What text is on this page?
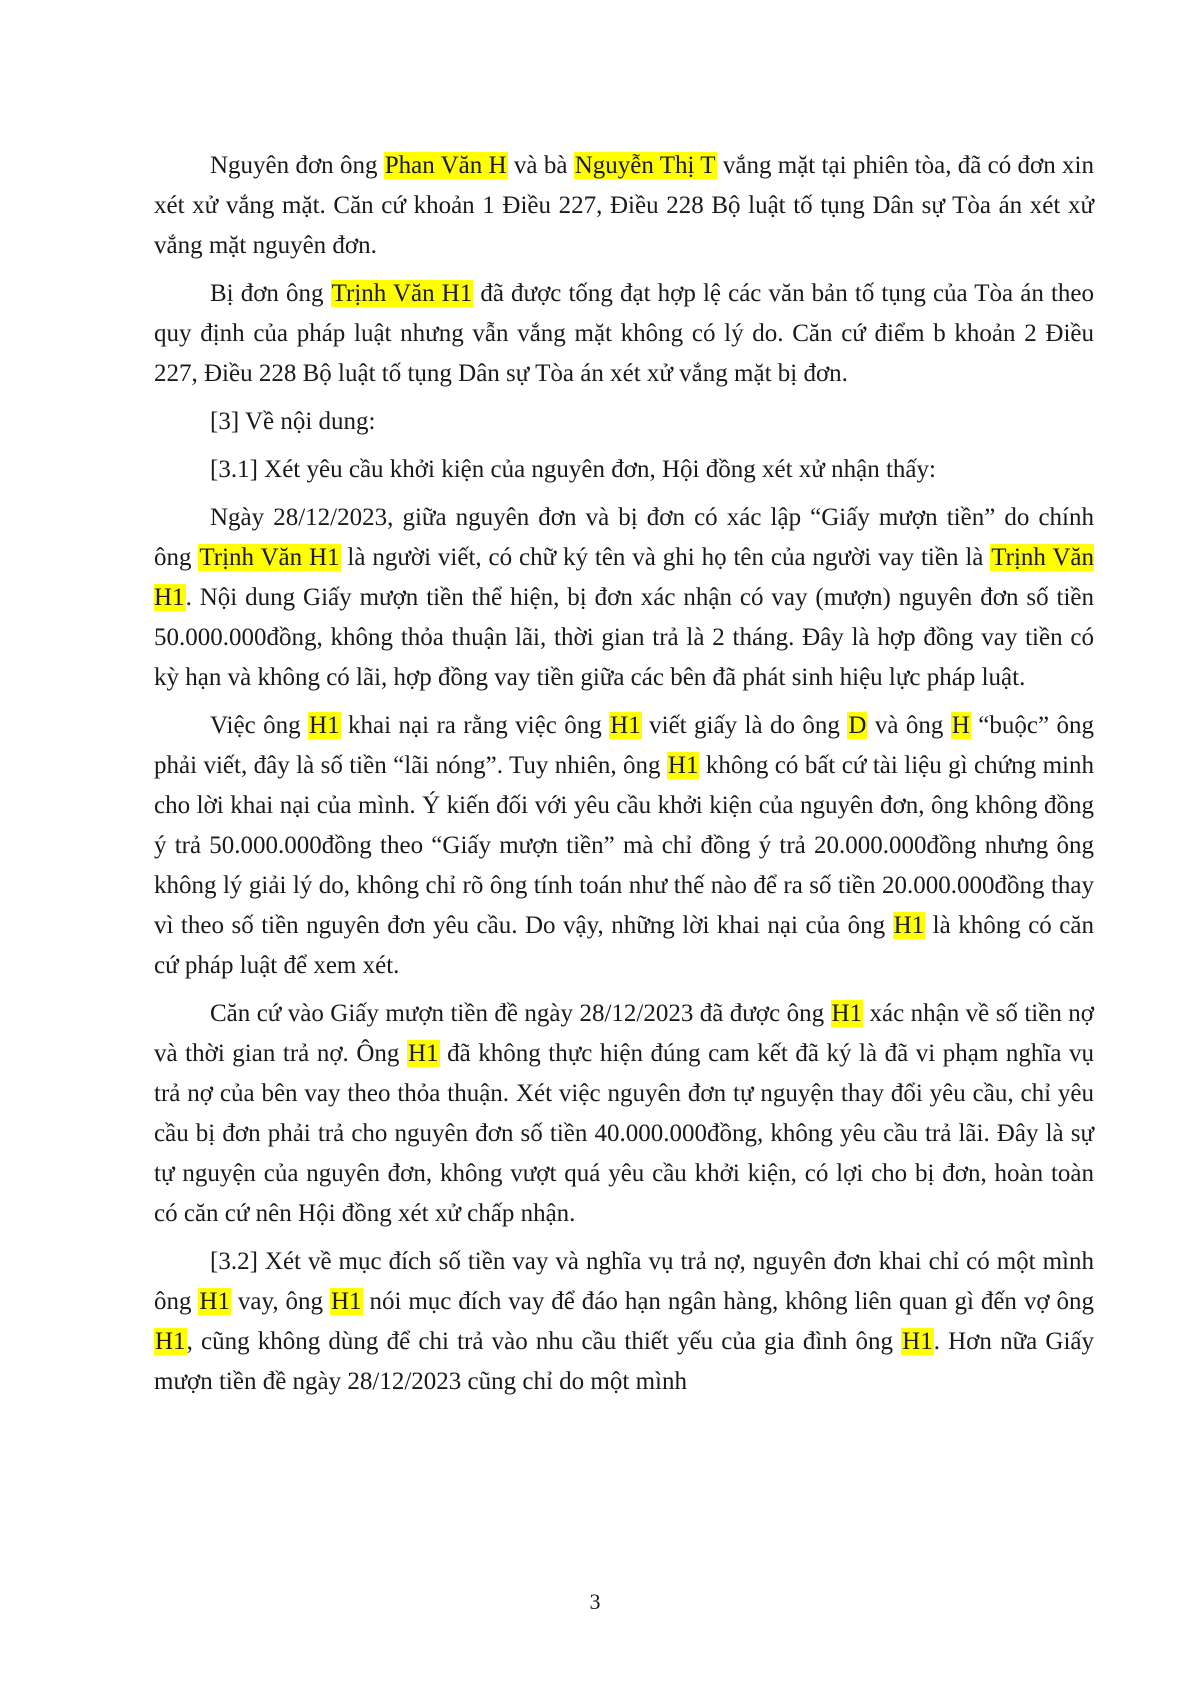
Nguyên đơn ông Phan Văn H và bà Nguyễn Thị T vắng mặt tại phiên tòa, đã có đơn xin xét xử vắng mặt. Căn cứ khoản 1 Điều 227, Điều 228 Bộ luật tố tụng Dân sự Tòa án xét xử vắng mặt nguyên đơn.

Bị đơn ông Trịnh Văn H1 đã được tống đạt hợp lệ các văn bản tố tụng của Tòa án theo quy định của pháp luật nhưng vẫn vắng mặt không có lý do. Căn cứ điểm b khoản 2 Điều 227, Điều 228 Bộ luật tố tụng Dân sự Tòa án xét xử vắng mặt bị đơn.

[3] Về nội dung:

[3.1] Xét yêu cầu khởi kiện của nguyên đơn, Hội đồng xét xử nhận thấy:

Ngày 28/12/2023, giữa nguyên đơn và bị đơn có xác lập “Giấy mượn tiền” do chính ông Trịnh Văn H1 là người viết, có chữ ký tên và ghi họ tên của người vay tiền là Trịnh Văn H1. Nội dung Giấy mượn tiền thể hiện, bị đơn xác nhận có vay (mượn) nguyên đơn số tiền 50.000.000đồng, không thỏa thuận lãi, thời gian trả là 2 tháng. Đây là hợp đồng vay tiền có kỳ hạn và không có lãi, hợp đồng vay tiền giữa các bên đã phát sinh hiệu lực pháp luật.

Việc ông H1 khai nại ra rằng việc ông H1 viết giấy là do ông D và ông H “buộc” ông phải viết, đây là số tiền “lãi nóng”. Tuy nhiên, ông H1 không có bất cứ tài liệu gì chứng minh cho lời khai nại của mình. Ý kiến đối với yêu cầu khởi kiện của nguyên đơn, ông không đồng ý trả 50.000.000đồng theo “Giấy mượn tiền” mà chỉ đồng ý trả 20.000.000đồng nhưng ông không lý giải lý do, không chỉ rõ ông tính toán như thế nào để ra số tiền 20.000.000đồng thay vì theo số tiền nguyên đơn yêu cầu. Do vậy, những lời khai nại của ông H1 là không có căn cứ pháp luật để xem xét.

Căn cứ vào Giấy mượn tiền đề ngày 28/12/2023 đã được ông H1 xác nhận về số tiền nợ và thời gian trả nợ. Ông H1 đã không thực hiện đúng cam kết đã ký là đã vi phạm nghĩa vụ trả nợ của bên vay theo thỏa thuận. Xét việc nguyên đơn tự nguyện thay đổi yêu cầu, chỉ yêu cầu bị đơn phải trả cho nguyên đơn số tiền 40.000.000đồng, không yêu cầu trả lãi. Đây là sự tự nguyện của nguyên đơn, không vượt quá yêu cầu khởi kiện, có lợi cho bị đơn, hoàn toàn có căn cứ nên Hội đồng xét xử chấp nhận.

[3.2] Xét về mục đích số tiền vay và nghĩa vụ trả nợ, nguyên đơn khai chỉ có một mình ông H1 vay, ông H1 nói mục đích vay để đáo hạn ngân hàng, không liên quan gì đến vợ ông H1, cũng không dùng để chi trả vào nhu cầu thiết yếu của gia đình ông H1. Hơn nữa Giấy mượn tiền đề ngày 28/12/2023 cũng chỉ do một mình

3
